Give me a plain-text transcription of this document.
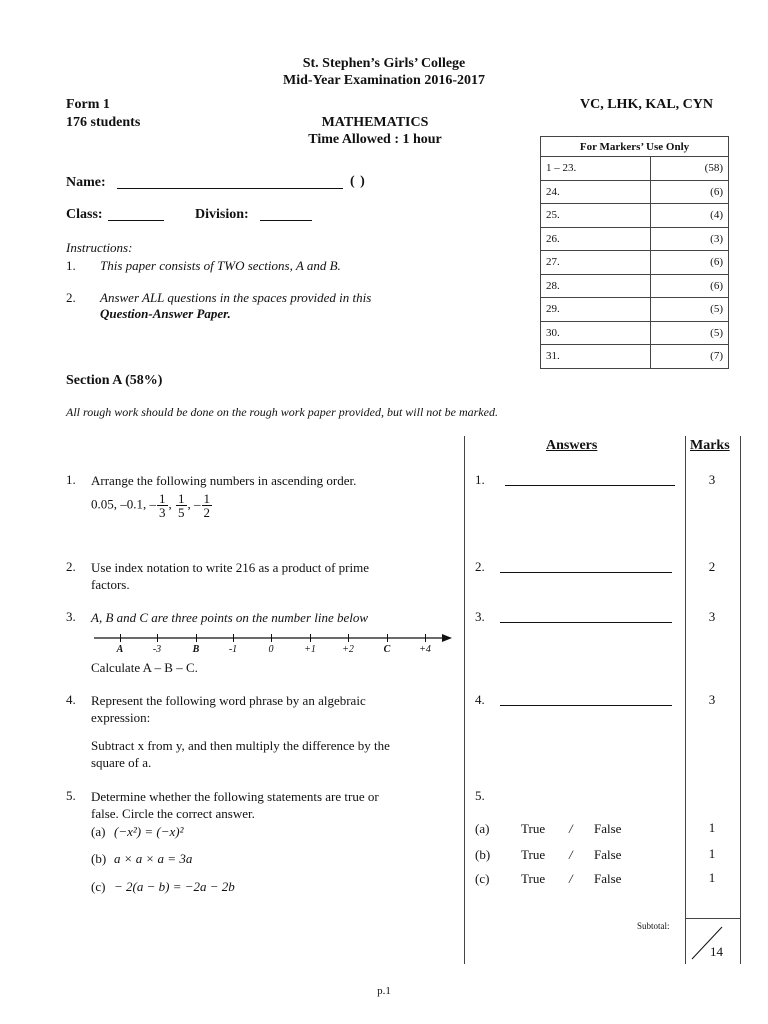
St. Stephen’s Girls’ College
Mid-Year Examination 2016-2017
Form 1
176 students
VC, LHK, KAL, CYN
MATHEMATICS
Time Allowed : 1 hour
Name:	( )
Class:	Division:
Instructions:
1. This paper consists of TWO sections, A and B.
2. Answer ALL questions in the spaces provided in this
Question-Answer Paper.
For Markers’ Use Only	
1 – 23.	(58)
24.	(6)
25.	(4)
26.	(3)
27.	(6)
28.	(6)
29.	(5)
30.	(5)
31.	(7)
Section A (58%)
All rough work should be done on the rough work paper provided, but will not be marked.
Answers	Marks
1. Arrange the following numbers in ascending order.
0.05, –0.1, – $\frac{1}{3}$ , $\frac{1}{5}$ , – $\frac{1}{2}$
1.	3
2. Use index notation to write 216 as a product of prime
factors.
2.	2
3. A, B and C are three points on the number line below
A	-3	B	-1	0	+1	+2	C	+4
Calculate A – B – C.
3.	3
4. Represent the following word phrase by an algebraic
expression:
Subtract x from y, and then multiply the difference by the
square of a.
4.	3
5. Determine whether the following statements are true or
false. Circle the correct answer.
5.
(a) (−x²) = (−x)²
(b) a × a × a = 3a
(c) − 2(a − b) = −2a − 2b
(a) True / False	1
(b) True / False	1
(c) True / False	1
Subtotal:
14
p.1
